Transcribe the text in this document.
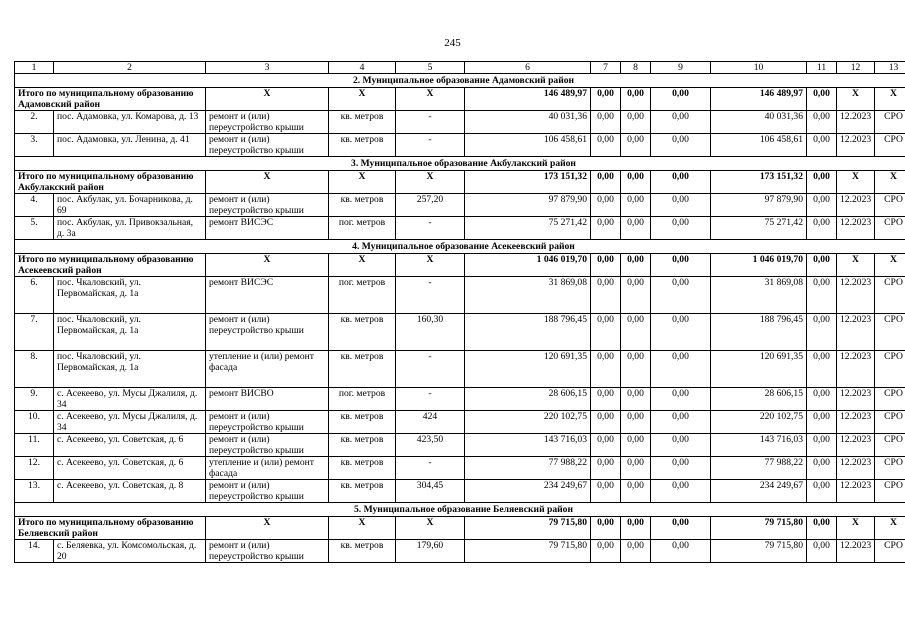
245
1	2	3	4	5	6	7	8	9	10	11	12	13
2. Муниципальное образование Адамовский район												
Итого по муниципальному образованию Адамовский район		Х	Х	Х	146 489,97	0,00	0,00	0,00	146 489,97	0,00	Х	Х
2.	пос. Адамовка, ул. Комарова, д. 13	ремонт и (или) переустройство крыши	кв. метров	-	40 031,36	0,00	0,00	0,00	40 031,36	0,00	12.2023	СРО
3.	пос. Адамовка, ул. Ленина, д. 41	ремонт и (или) переустройство крыши	кв. метров	-	106 458,61	0,00	0,00	0,00	106 458,61	0,00	12.2023	СРО
3. Муниципальное образование Акбулакский район												
Итого по муниципальному образованию Акбулакский район		Х	Х	Х	173 151,32	0,00	0,00	0,00	173 151,32	0,00	Х	Х
4.	пос. Акбулак, ул. Бочарникова, д. 69	ремонт и (или) переустройство крыши	кв. метров	257,20	97 879,90	0,00	0,00	0,00	97 879,90	0,00	12.2023	СРО
5.	пос. Акбулак, ул. Привокзальная, д. 3а	ремонт ВИСЭС	пог. метров	-	75 271,42	0,00	0,00	0,00	75 271,42	0,00	12.2023	СРО
4. Муниципальное образование Асекеевский район												
Итого по муниципальному образованию Асекеевский район		Х	Х	Х	1 046 019,70	0,00	0,00	0,00	1 046 019,70	0,00	Х	Х
6.	пос. Чкаловский, ул. Первомайская, д. 1а	ремонт ВИСЭС	пог. метров	-	31 869,08	0,00	0,00	0,00	31 869,08	0,00	12.2023	СРО
7.	пос. Чкаловский, ул. Первомайская, д. 1а	ремонт и (или) переустройство крыши	кв. метров	160,30	188 796,45	0,00	0,00	0,00	188 796,45	0,00	12.2023	СРО
8.	пос. Чкаловский, ул. Первомайская, д. 1а	утепление и (или) ремонт фасада	кв. метров	-	120 691,35	0,00	0,00	0,00	120 691,35	0,00	12.2023	СРО
9.	с. Асекеево, ул. Мусы Джалиля, д. 34	ремонт ВИСВО	пог. метров	-	28 606,15	0,00	0,00	0,00	28 606,15	0,00	12.2023	СРО
10.	с. Асекеево, ул. Мусы Джалиля, д. 34	ремонт и (или) переустройство крыши	кв. метров	424	220 102,75	0,00	0,00	0,00	220 102,75	0,00	12.2023	СРО
11.	с. Асекеево, ул. Советская, д. 6	ремонт и (или) переустройство крыши	кв. метров	423,50	143 716,03	0,00	0,00	0,00	143 716,03	0,00	12.2023	СРО
12.	с. Асекеево, ул. Советская, д. 6	утепление и (или) ремонт фасада	кв. метров	-	77 988,22	0,00	0,00	0,00	77 988,22	0,00	12.2023	СРО
13.	с. Асекеево, ул. Советская, д. 8	ремонт и (или) переустройство крыши	кв. метров	304,45	234 249,67	0,00	0,00	0,00	234 249,67	0,00	12.2023	СРО
5. Муниципальное образование Беляевский район												
Итого по муниципальному образованию Беляевский район		Х	Х	Х	79 715,80	0,00	0,00	0,00	79 715,80	0,00	Х	Х
14.	с. Беляевка, ул. Комсомольская, д. 20	ремонт и (или) переустройство крыши	кв. метров	179,60	79 715,80	0,00	0,00	0,00	79 715,80	0,00	12.2023	СРО
